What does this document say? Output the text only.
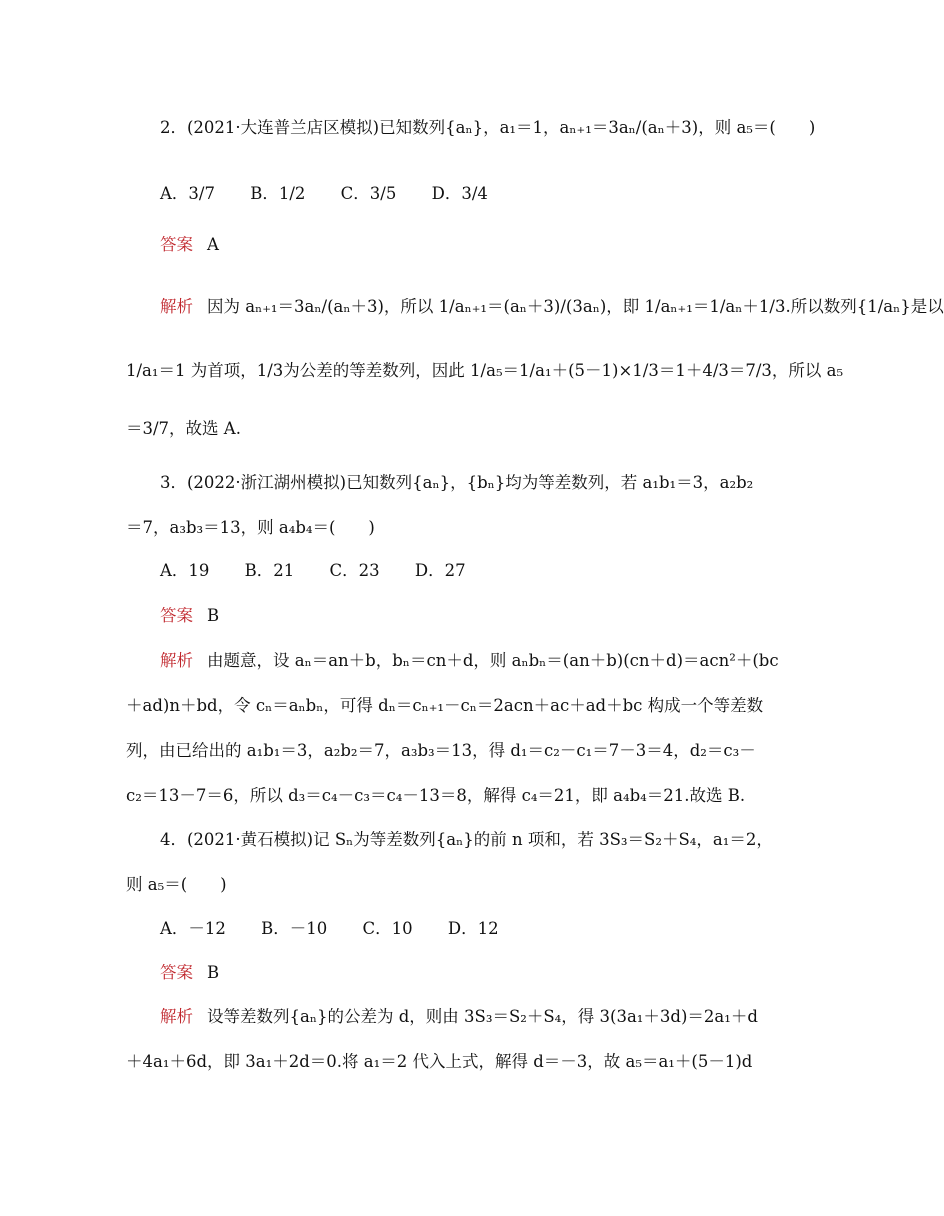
2．(2021·大连普兰店区模拟)已知数列{aₙ}，a₁＝1，aₙ₊₁＝3aₙ/(aₙ＋3)，则 a₅＝(　　)
A．3/7 B．1/2 C．3/5 D．3/4
答案 A
解析 因为 aₙ₊₁＝3aₙ/(aₙ＋3)，所以 1/aₙ₊₁＝(aₙ＋3)/(3aₙ)，即 1/aₙ₊₁＝1/aₙ＋1/3.所以数列{1/aₙ}是以
1/a₁＝1 为首项，1/3为公差的等差数列，因此 1/a₅＝1/a₁＋(5－1)×1/3＝1＋4/3＝7/3，所以 a₅
＝3/7，故选 A.
3．(2022·浙江湖州模拟)已知数列{aₙ}，{bₙ}均为等差数列，若 a₁b₁＝3，a₂b₂
＝7，a₃b₃＝13，则 a₄b₄＝(　　)
A．19 B．21 C．23 D．27
答案 B
解析 由题意，设 aₙ＝an＋b，bₙ＝cn＋d，则 aₙbₙ＝(an＋b)(cn＋d)＝acn²＋(bc
＋ad)n＋bd，令 cₙ＝aₙbₙ，可得 dₙ＝cₙ₊₁－cₙ＝2acn＋ac＋ad＋bc 构成一个等差数
列，由已给出的 a₁b₁＝3，a₂b₂＝7，a₃b₃＝13，得 d₁＝c₂－c₁＝7－3＝4，d₂＝c₃－
c₂＝13－7＝6，所以 d₃＝c₄－c₃＝c₄－13＝8，解得 c₄＝21，即 a₄b₄＝21.故选 B.
4．(2021·黄石模拟)记 Sₙ为等差数列{aₙ}的前 n 项和，若 3S₃＝S₂＋S₄，a₁＝2，
则 a₅＝(　　)
A．－12 B．－10 C．10 D．12
答案 B
解析 设等差数列{aₙ}的公差为 d，则由 3S₃＝S₂＋S₄，得 3(3a₁＋3d)＝2a₁＋d
＋4a₁＋6d，即 3a₁＋2d＝0.将 a₁＝2 代入上式，解得 d＝－3，故 a₅＝a₁＋(5－1)d
